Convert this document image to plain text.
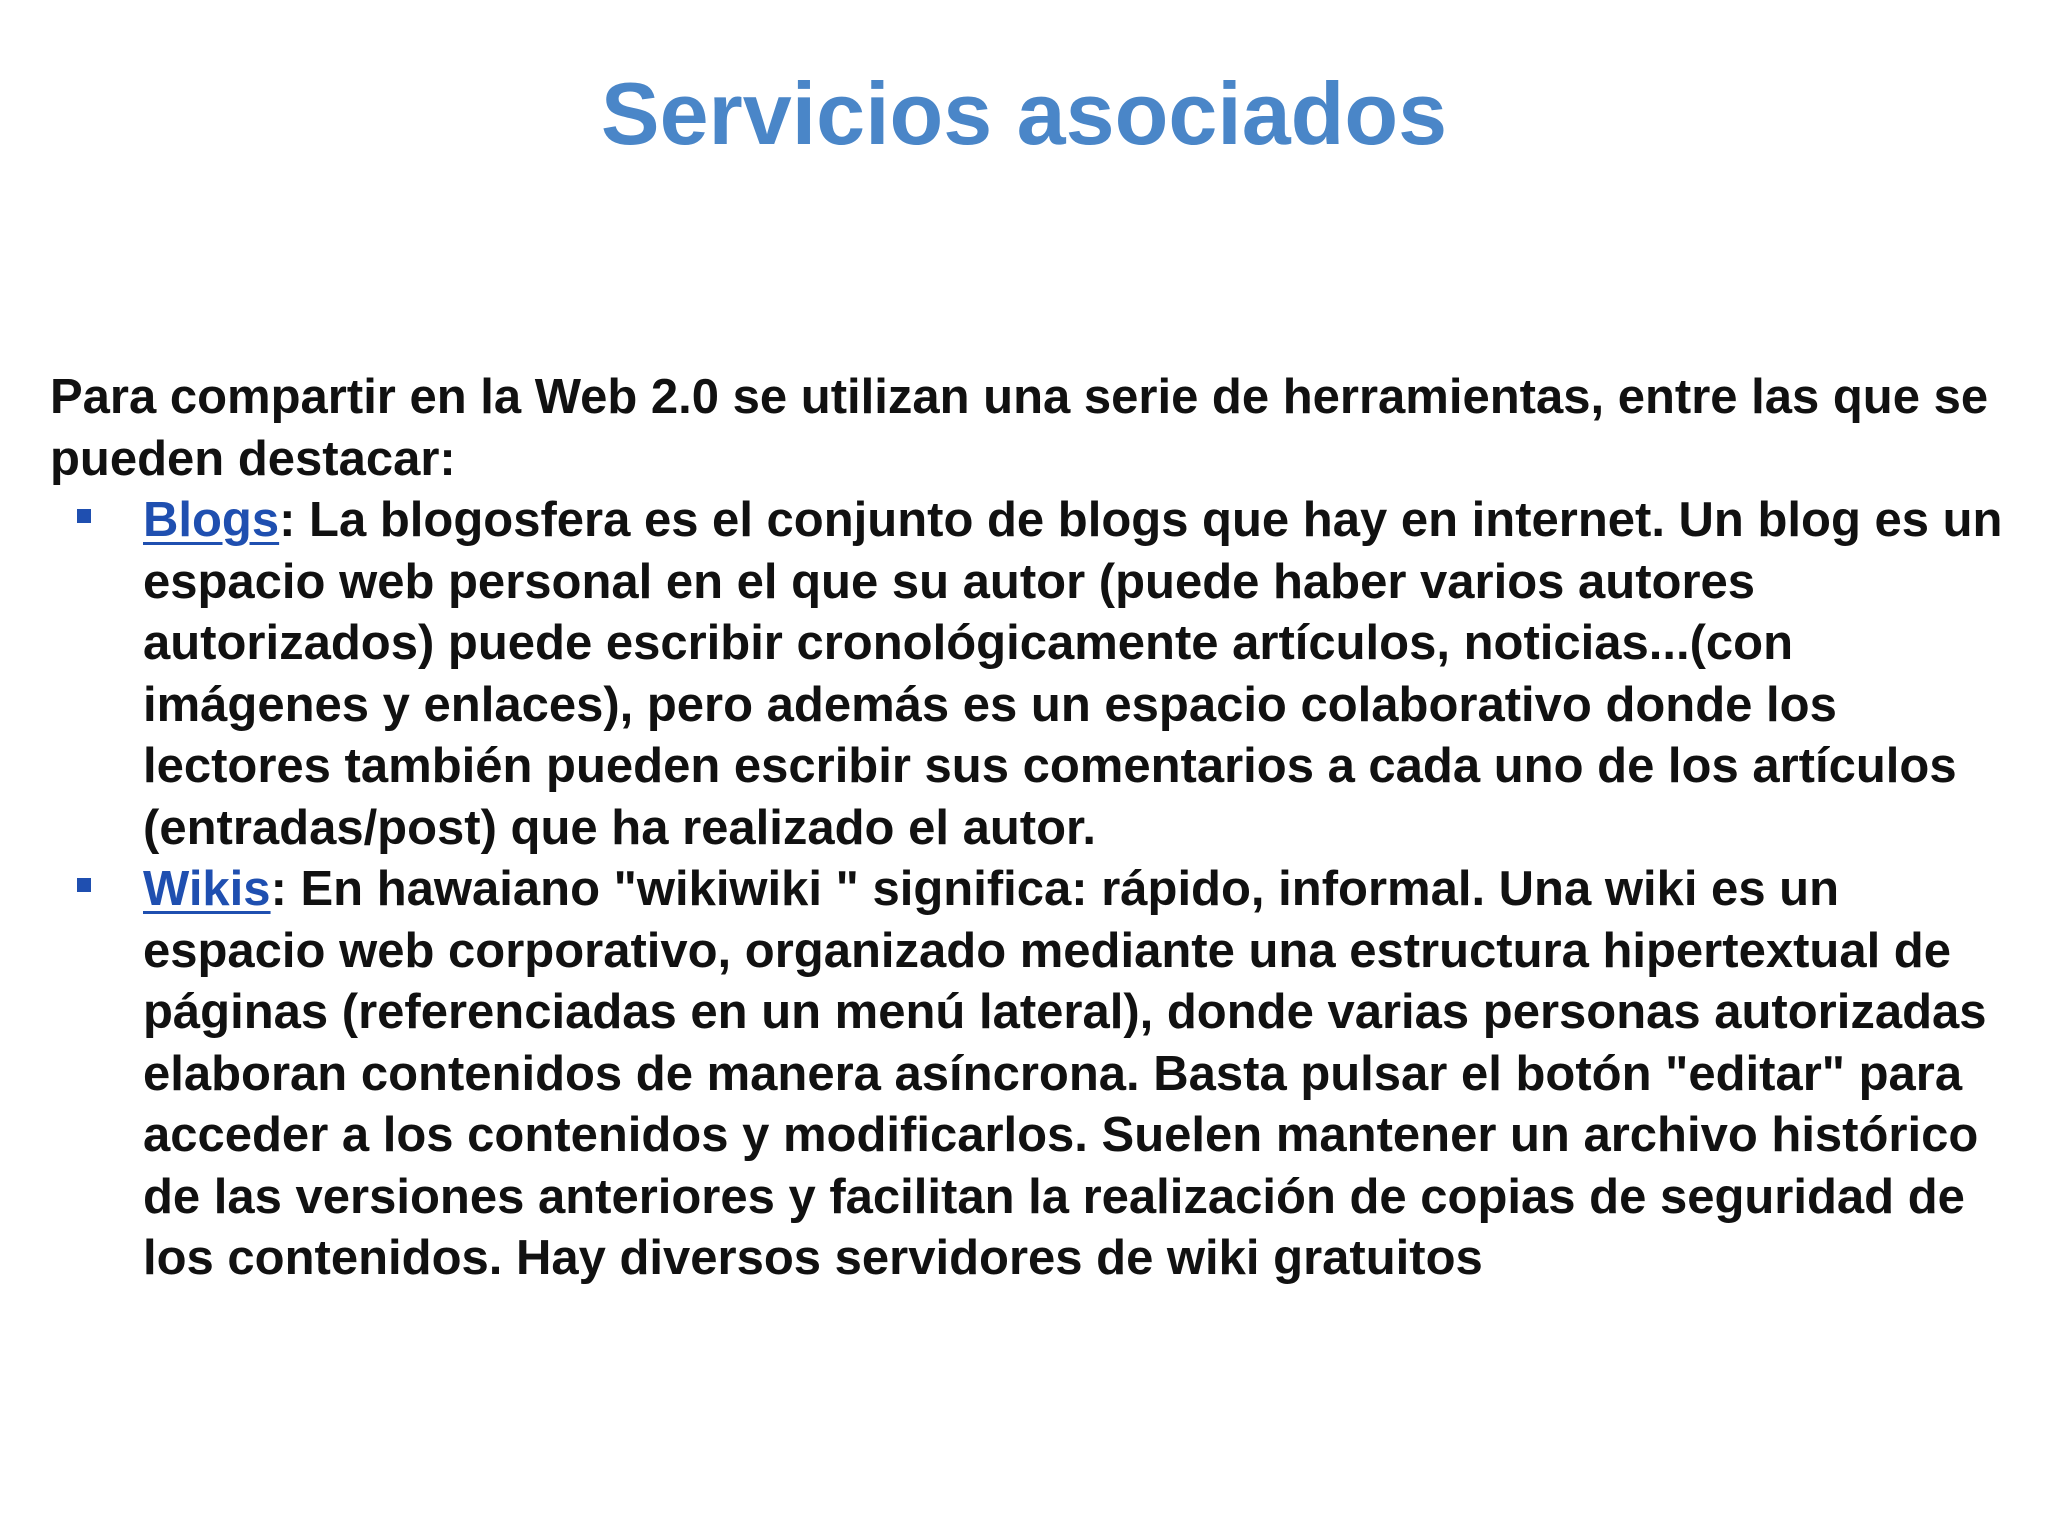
Servicios asociados

Para compartir en la Web 2.0 se utilizan una serie de herramientas, entre las que se pueden destacar:

Blogs: La blogosfera es el conjunto de blogs que hay en internet. Un blog es un espacio web personal en el que su autor (puede haber varios autores autorizados) puede escribir cronológicamente artículos, noticias...(con imágenes y enlaces), pero además es un espacio colaborativo donde los lectores también pueden escribir sus comentarios a cada uno de los artículos (entradas/post) que ha realizado el autor.
Wikis: En hawaiano "wikiwiki " significa: rápido, informal. Una wiki es un espacio web corporativo, organizado mediante una estructura hipertextual de páginas (referenciadas en un menú lateral), donde varias personas autorizadas elaboran contenidos de manera asíncrona. Basta pulsar el botón "editar" para acceder a los contenidos y modificarlos. Suelen mantener un archivo histórico de las versiones anteriores y facilitan la realización de copias de seguridad de los contenidos. Hay diversos servidores de wiki gratuitos
